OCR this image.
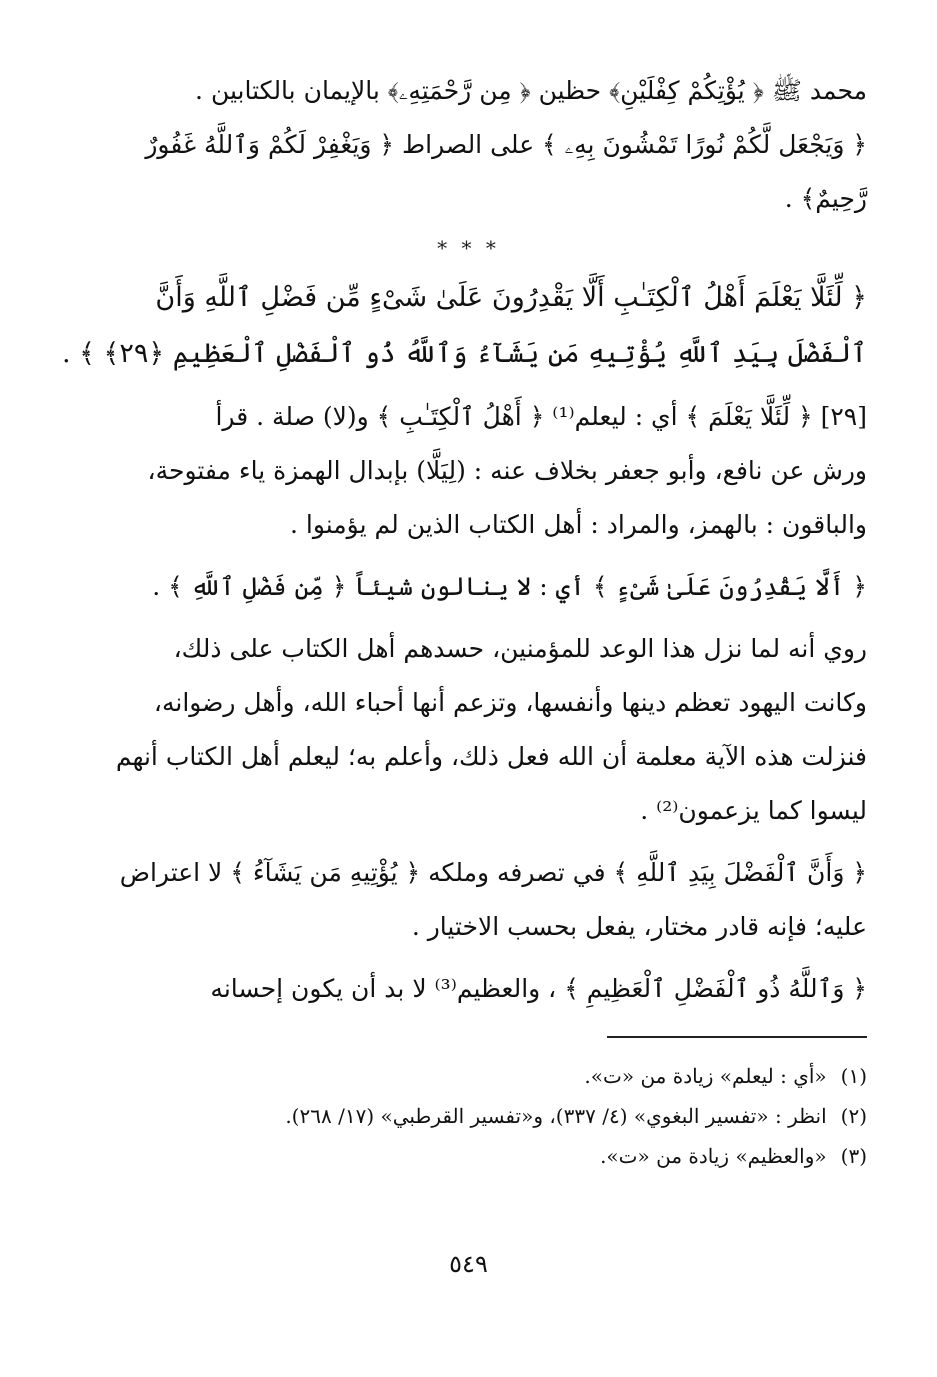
محمد ﷺ ﴿ يُؤْتِكُمْ كِفْلَيْنِ﴾ حظين ﴿ مِن رَّحْمَتِهِۦ﴾ بالإيمان بالكتابين .

﴿ وَيَجْعَل لَّكُمْ نُورًا تَمْشُونَ بِهِۦ ﴾ على الصراط ﴿ وَيَغْفِرْ لَكُمْ وَٱللَّهُ غَفُورٌ

رَّحِيمٌ﴾ .

* * *

﴿ لِّئَلَّا يَعْلَمَ أَهْلُ ٱلْكِتَـٰبِ أَلَّا يَقْدِرُونَ عَلَىٰ شَىْءٍ مِّن فَضْلِ ٱللَّهِ وَأَنَّ

ٱلْفَضْلَ بِيَدِ ٱللَّهِ يُؤْتِيهِ مَن يَشَآءُ وَٱللَّهُ ذُو ٱلْفَضْلِ ٱلْعَظِيمِ ﴿٢٩﴾ ﴾ .

[٢٩] ﴿ لِّئَلَّا يَعْلَمَ ﴾ أي : ليعلم⁽¹⁾ ﴿ أَهْلُ ٱلْكِتَـٰبِ ﴾ و(لا) صلة . قرأ

ورش عن نافع، وأبو جعفر بخلاف عنه : (لِيَلَّا) بإبدال الهمزة ياء مفتوحة،

والباقون : بالهمز، والمراد : أهل الكتاب الذين لم يؤمنوا .

﴿ أَلَّا يَقْدِرُونَ عَلَىٰ شَىْءٍ ﴾ أي : لا ينالون شيئاً ﴿ مِّن فَضْلِ ٱللَّهِ ﴾ .

روي أنه لما نزل هذا الوعد للمؤمنين، حسدهم أهل الكتاب على ذلك،

وكانت اليهود تعظم دينها وأنفسها، وتزعم أنها أحباء الله، وأهل رضوانه،

فنزلت هذه الآية معلمة أن الله فعل ذلك، وأعلم به؛ ليعلم أهل الكتاب أنهم

ليسوا كما يزعمون⁽²⁾ .

﴿ وَأَنَّ ٱلْفَضْلَ بِيَدِ ٱللَّهِ ﴾ في تصرفه وملكه ﴿ يُؤْتِيهِ مَن يَشَآءُ ﴾ لا اعتراض

عليه؛ فإنه قادر مختار، يفعل بحسب الاختيار .

﴿ وَٱللَّهُ ذُو ٱلْفَضْلِ ٱلْعَظِيمِ ﴾ ، والعظيم⁽³⁾ لا بد أن يكون إحسانه

(١) «أي : ليعلم» زيادة من «ت».

(٢) انظر : «تفسير البغوي» (٤/ ٣٣٧)، و«تفسير القرطبي» (١٧/ ٢٦٨).

(٣) «والعظيم» زيادة من «ت».

٥٤٩
